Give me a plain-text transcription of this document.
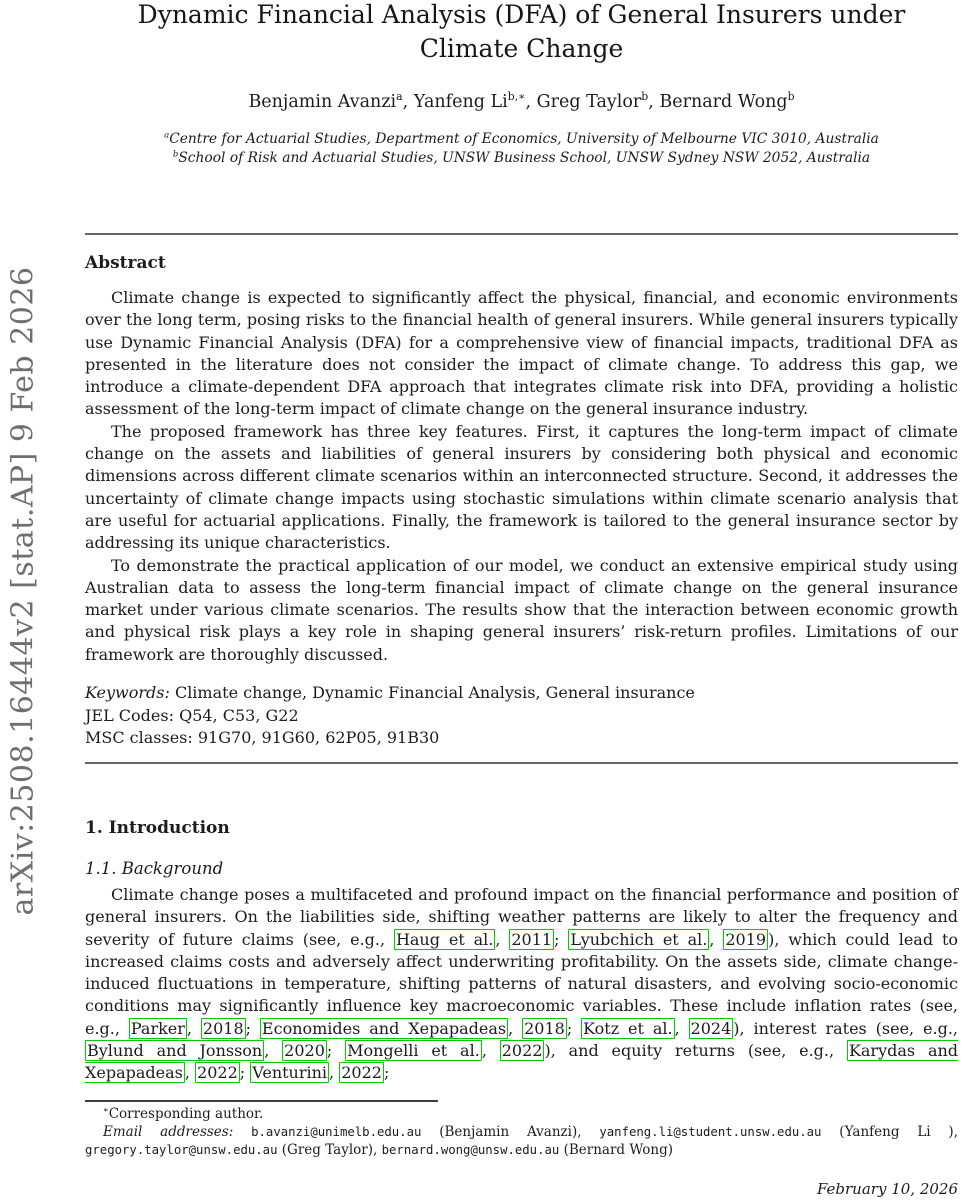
arXiv:2508.16444v2 [stat.AP] 9 Feb 2026
Dynamic Financial Analysis (DFA) of General Insurers under Climate Change
Benjamin Avanzi$^a$, Yanfeng $Li^{b,∗}$, Greg Taylor$^b$, Bernard Wong$^b$
$^a$Centre for Actuarial Studies, Department of Economics, University of Melbourne VIC 3010, Australia
$^b$School of Risk and Actuarial Studies, UNSW Business School, UNSW Sydney NSW 2052, Australia
Abstract

Climate change is expected to significantly affect the physical, financial, and economic environments over the long term, posing risks to the financial health of general insurers. While general insurers typically use Dynamic Financial Analysis (DFA) for a comprehensive view of financial impacts, traditional DFA as presented in the literature does not consider the impact of climate change. To address this gap, we introduce a climate-dependent DFA approach that integrates climate risk into DFA, providing a holistic assessment of the long-term impact of climate change on the general insurance industry.

The proposed framework has three key features. First, it captures the long-term impact of climate change on the assets and liabilities of general insurers by considering both physical and economic dimensions across different climate scenarios within an interconnected structure. Second, it addresses the uncertainty of climate change impacts using stochastic simulations within climate scenario analysis that are useful for actuarial applications. Finally, the framework is tailored to the general insurance sector by addressing its unique characteristics.

To demonstrate the practical application of our model, we conduct an extensive empirical study using Australian data to assess the long-term financial impact of climate change on the general insurance market under various climate scenarios. The results show that the interaction between economic growth and physical risk plays a key role in shaping general insurers’ risk-return profiles. Limitations of our framework are thoroughly discussed.

Keywords: Climate change, Dynamic Financial Analysis, General insurance
JEL Codes: Q54, C53, G22
MSC classes: 91G70, 91G60, 62P05, 91B30
1. Introduction
1.1. Background
Climate change poses a multifaceted and profound impact on the financial performance and position of general insurers. On the liabilities side, shifting weather patterns are likely to alter the frequency and severity of future claims (see, e.g., Haug et al. , 2011 ; Lyubchich et al. , 2019 ), which could lead to increased claims costs and adversely affect underwriting profitability. On the assets side, climate change-induced fluctuations in temperature, shifting patterns of natural disasters, and evolving socio-economic conditions may significantly influence key macroeconomic variables. These include inflation rates (see, e.g., Parker , 2018 ; Economides and Xepapadeas , 2018 ; Kotz et al. , 2024 ), interest rates (see, e.g., Bylund and Jonsson , 2020 ; Mongelli et al. , 2022 ), and equity returns (see, e.g., Karydas and Xepapadeas , 2022 ; Venturini , 2022 ;

∗Corresponding author.

Email addresses: b.avanzi@unimelb.edu.au (Benjamin Avanzi), yanfeng.li@student.unsw.edu.au (Yanfeng Li ), gregory.taylor@unsw.edu.au (Greg Taylor), bernard.wong@unsw.edu.au (Bernard Wong)

February 10, 2026
